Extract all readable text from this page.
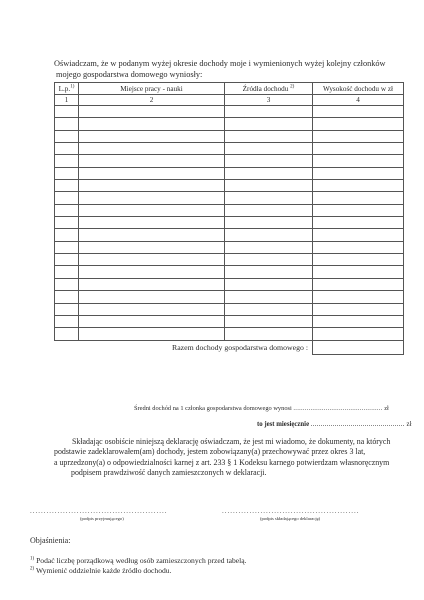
Oświadczam, że w podanym wyżej okresie dochody moje i wymienionych wyżej kolejny członków
mojego gospodarstwa domowego wyniosły:
L.p.$^{1)}$	Miejsce pracy - nauki	Źródła dochodu $^{2)}$	Wysokość dochodu w zł
1	2	3	4

Razem dochody gospodarstwa domowego :			
Średni dochód na 1 członka gospodarstwa domowego wynosi ............................................... zł
to jest miesięcznie ............................................... zł
Składając osobiście niniejszą deklarację oświadczam, że jest mi wiadomo, że dokumenty, na których
podstawie zadeklarowałem(am) dochody, jestem zobowiązany(a) przechowywać przez okres 3 lat,
a uprzedzony(a) o odpowiedzialności karnej z art. 233 § 1 Kodeksu karnego potwierdzam własnoręcznym
podpisem prawdziwość danych zamieszczonych w deklaracji.
..................................................	..................................................
(podpis przyjmującego)	(podpis składającego deklarację)
Objaśnienia:
$^{1)}$ Podać liczbę porządkową według osób zamieszczonych przed tabelą.
$^{2)}$ Wymienić oddzielnie każde źródło dochodu.
